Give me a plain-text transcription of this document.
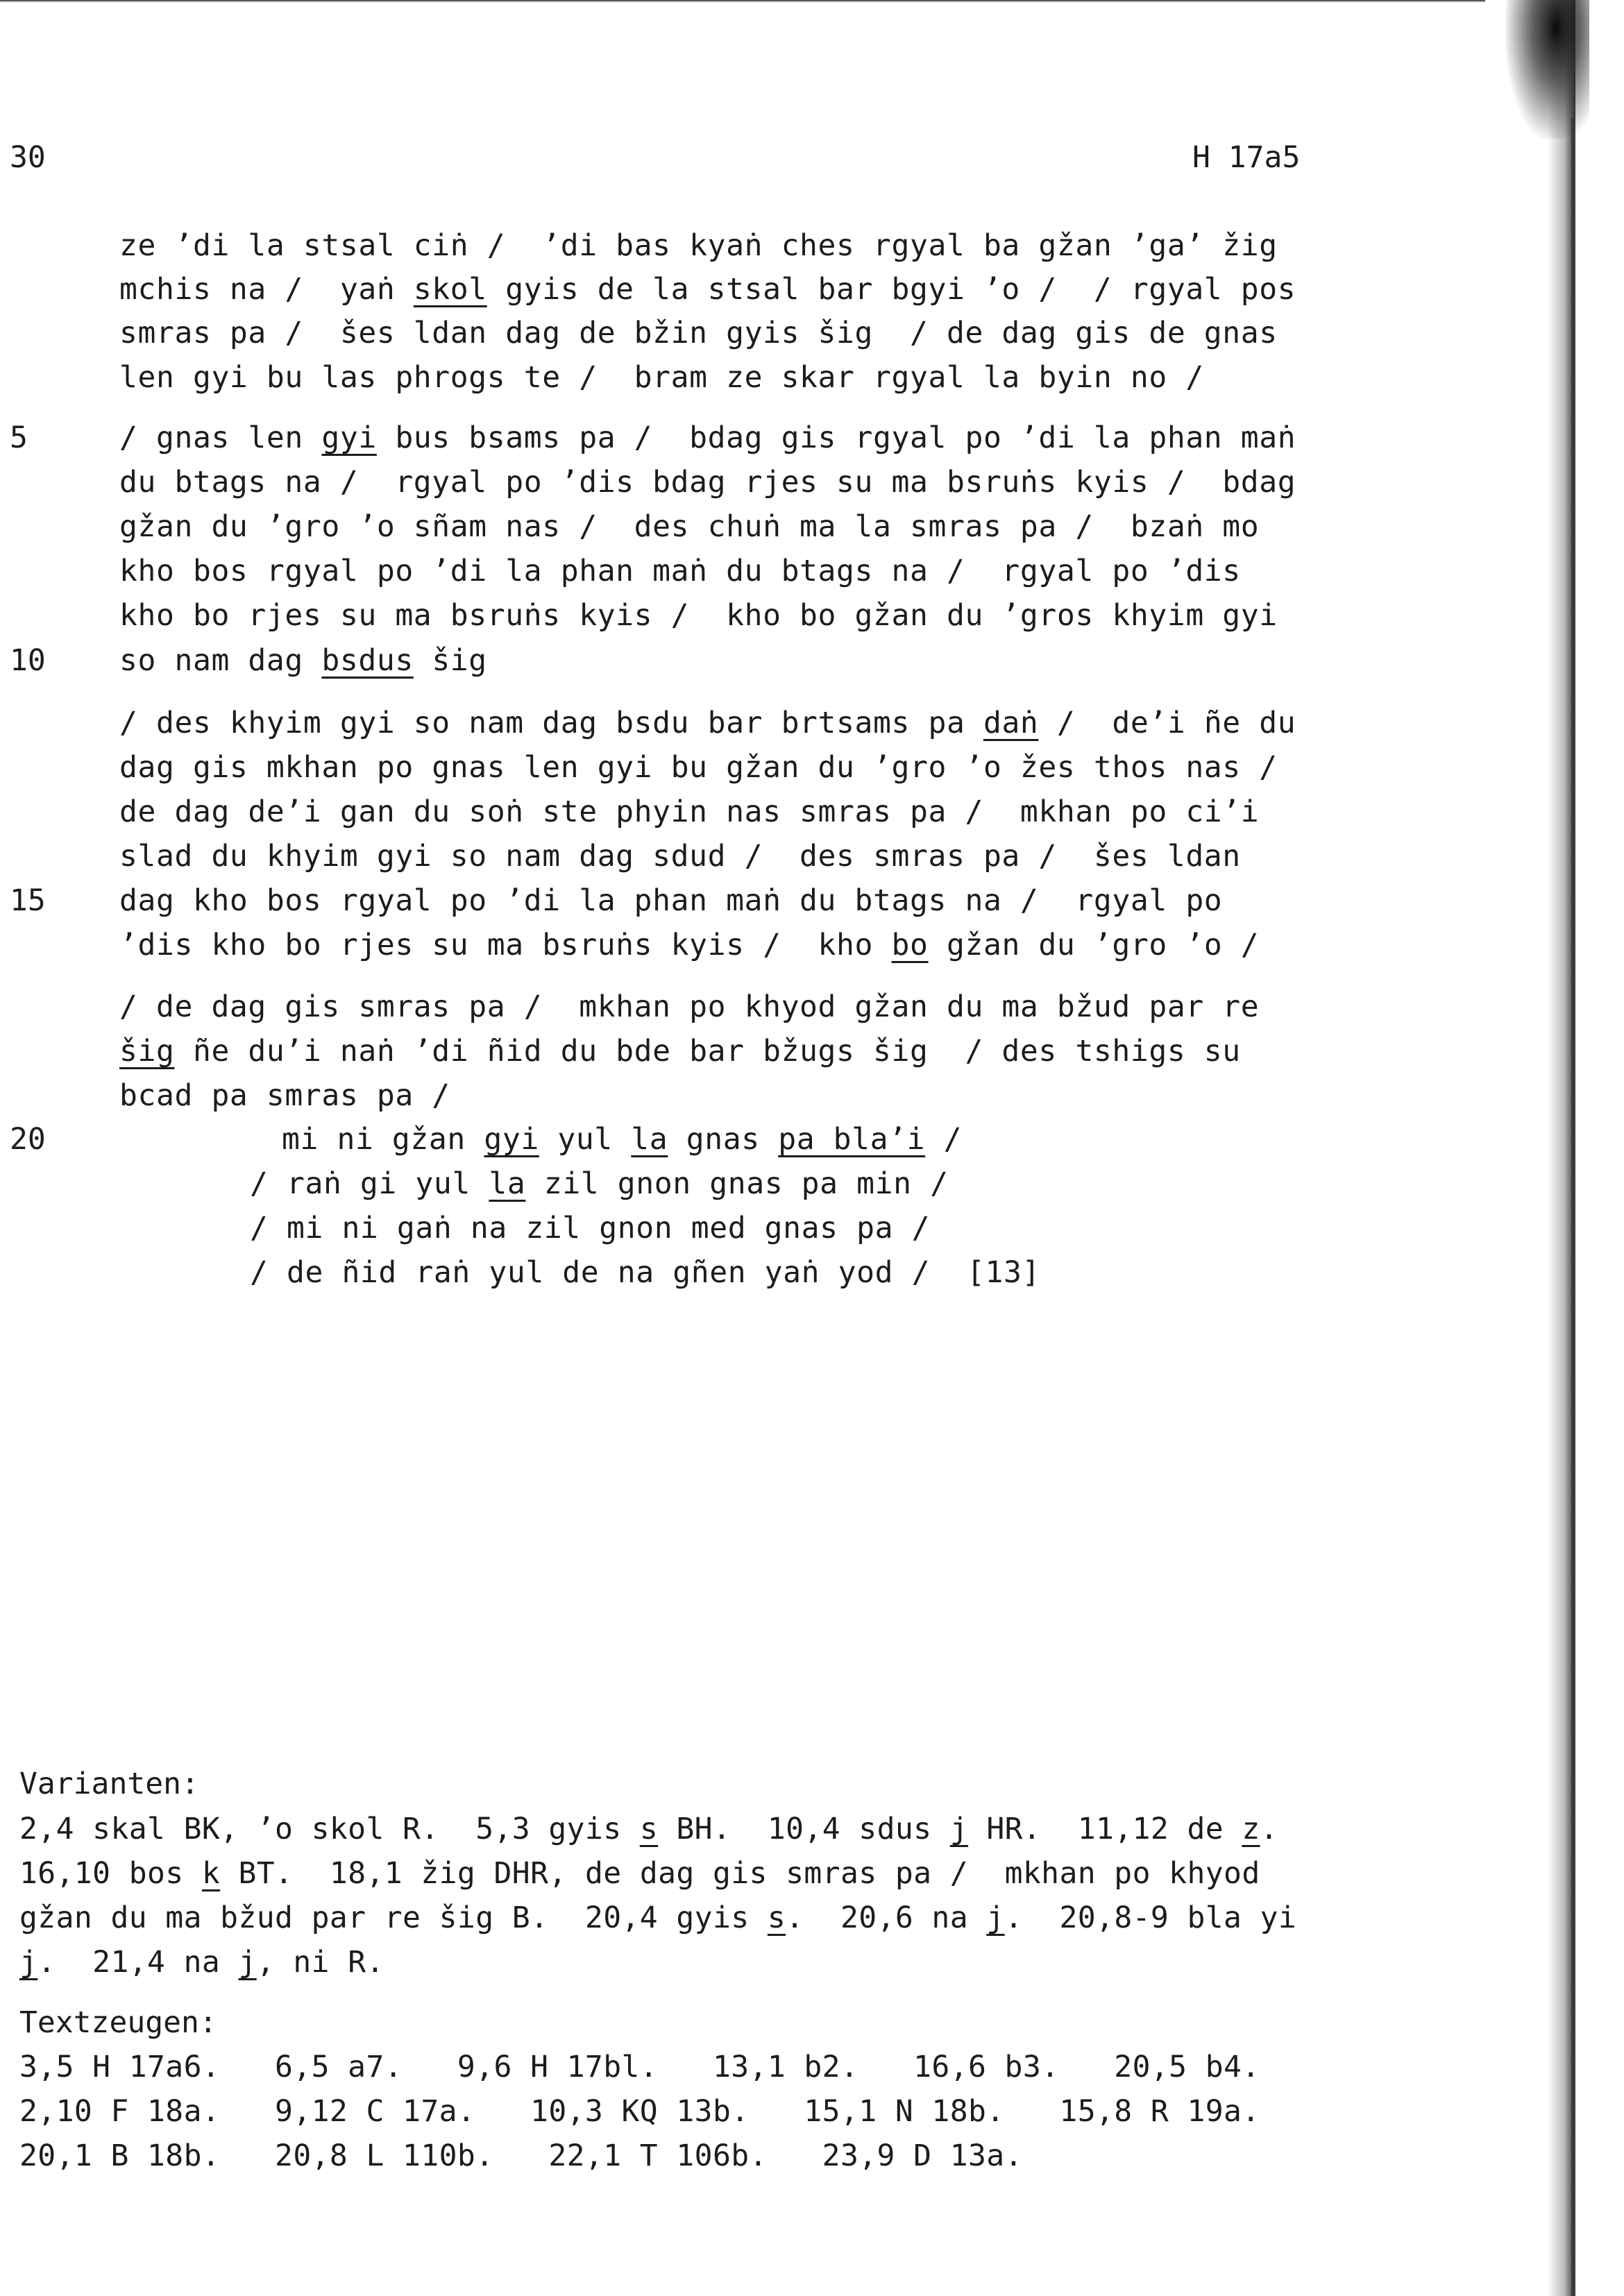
30	H 17a5
5
10
15
20
ze ’di la stsal ciṅ /  ’di bas kyaṅ ches rgyal ba gžan ’ga’ žig
mchis na /  yaṅ skol gyis de la stsal bar bgyi ’o /  / rgyal pos
smras pa /  šes ldan dag de bžin gyis šig  / de dag gis de gnas
len gyi bu las phrogs te /  bram ze skar rgyal la byin no /
/ gnas len gyi bus bsams pa /  bdag gis rgyal po ’di la phan maṅ
du btags na /  rgyal po ’dis bdag rjes su ma bsruṅs kyis /  bdag
gžan du ’gro ’o sñam nas /  des chuṅ ma la smras pa /  bzaṅ mo
kho bos rgyal po ’di la phan maṅ du btags na /  rgyal po ’dis
kho bo rjes su ma bsruṅs kyis /  kho bo gžan du ’gros khyim gyi
so nam dag bsdus šig
/ des khyim gyi so nam dag bsdu bar brtsams pa daṅ /  de’i ñe du
dag gis mkhan po gnas len gyi bu gžan du ’gro ’o žes thos nas /
de dag de’i gan du soṅ ste phyin nas smras pa /  mkhan po ci’i
slad du khyim gyi so nam dag sdud /  des smras pa /  šes ldan
dag kho bos rgyal po ’di la phan maṅ du btags na /  rgyal po
’dis kho bo rjes su ma bsruṅs kyis /  kho bo gžan du ’gro ’o /
/ de dag gis smras pa /  mkhan po khyod gžan du ma bžud par re
šig ñe du’i naṅ ’di ñid du bde bar bžugs šig  / des tshigs su
bcad pa smras pa /
mi ni gžan gyi yul la gnas pa bla’i /
/ raṅ gi yul la zil gnon gnas pa min /
/ mi ni gaṅ na zil gnon med gnas pa /
/ de ñid raṅ yul de na gñen yaṅ yod /  [13]
Varianten:
2,4 skal BK, ’o skol R.  5,3 gyis s BH.  10,4 sdus j HR.  11,12 de z.
16,10 bos k BT.  18,1 žig DHR, de dag gis smras pa /  mkhan po khyod
gžan du ma bžud par re šig B.  20,4 gyis s.  20,6 na j.  20,8-9 bla yi
j.  21,4 na j, ni R.
Textzeugen:
3,5 H 17a6.   6,5 a7.   9,6 H 17bl.   13,1 b2.   16,6 b3.   20,5 b4.
2,10 F 18a.   9,12 C 17a.   10,3 KQ 13b.   15,1 N 18b.   15,8 R 19a.
20,1 B 18b.   20,8 L 110b.   22,1 T 106b.   23,9 D 13a.
